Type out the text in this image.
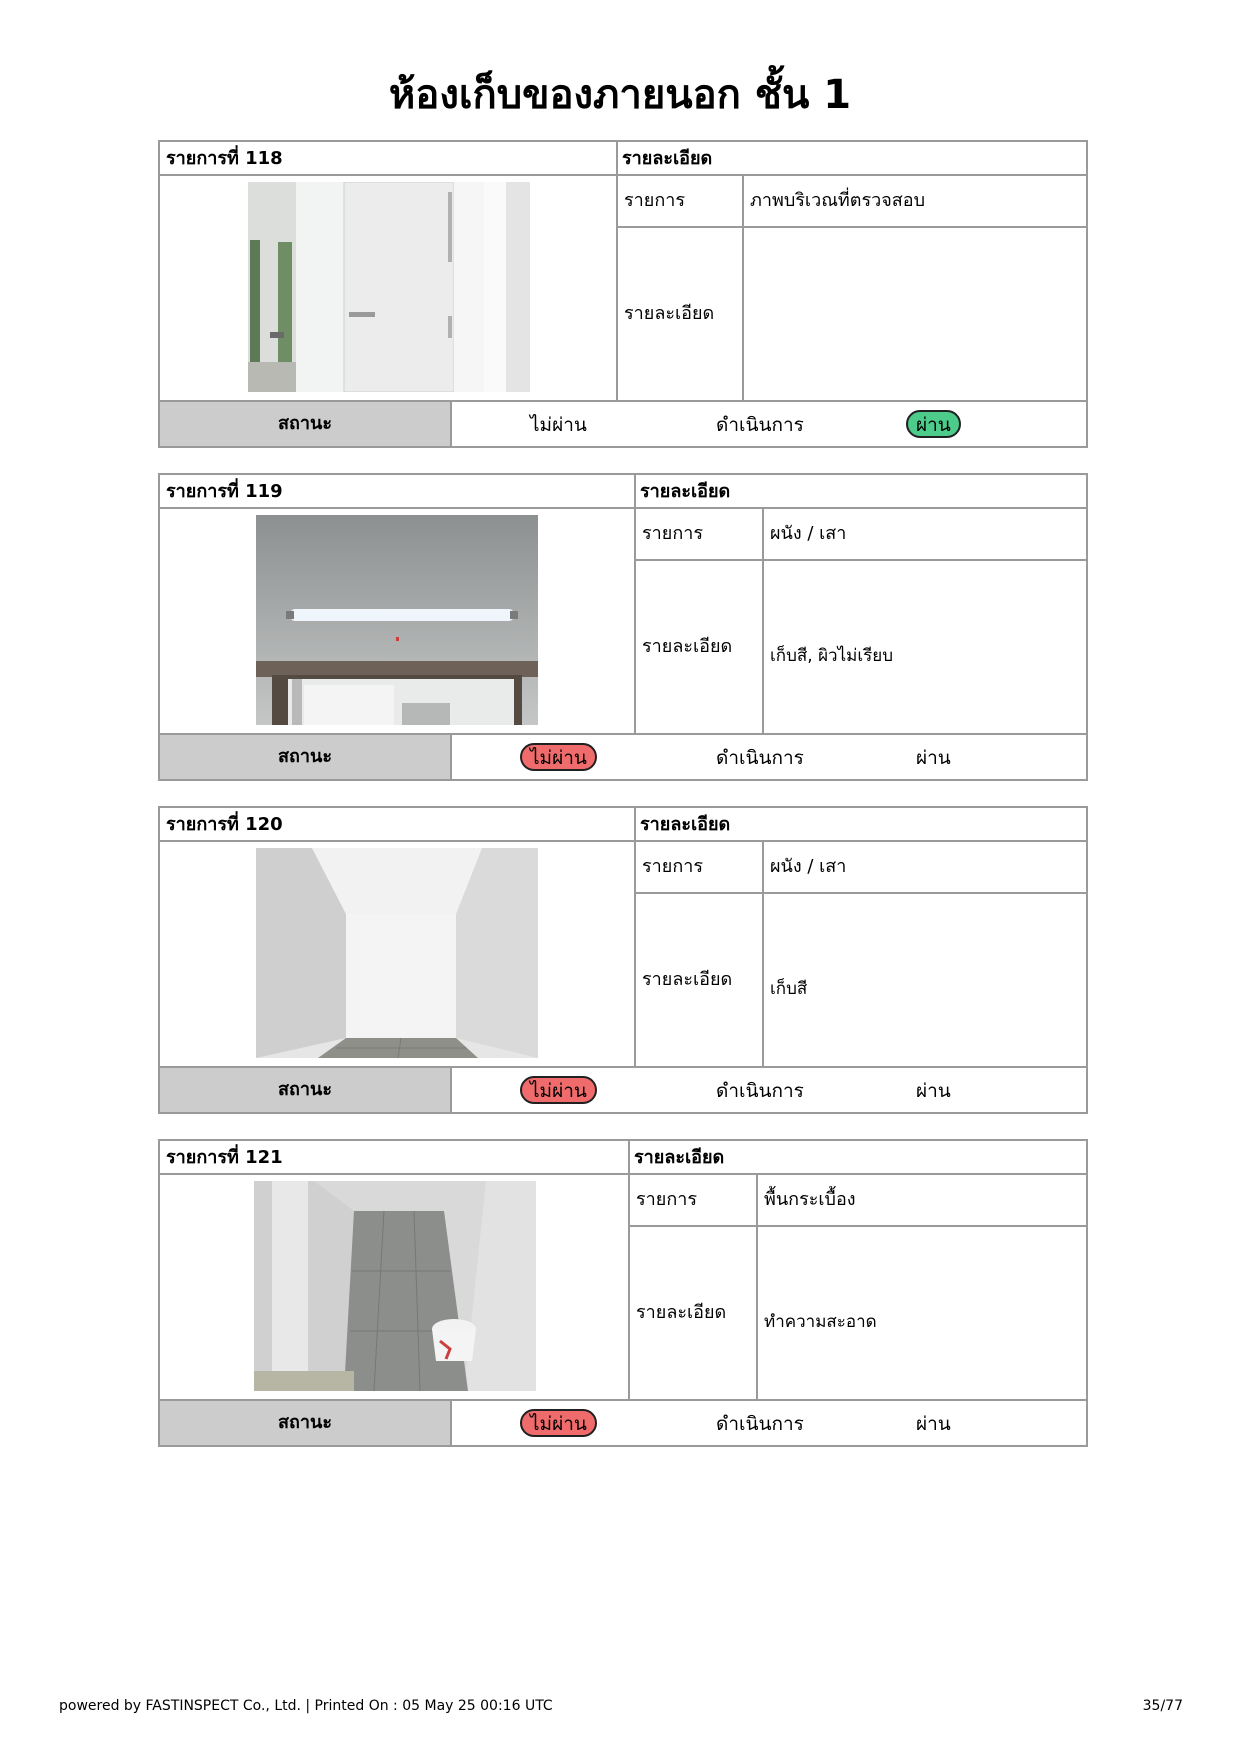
ห้องเก็บของภายนอก ชั้น 1
รายการที่ 118	รายละเอียด
รายการ	ภาพบริเวณที่ตรวจสอบ
รายละเอียด
สถานะ	ไม่ผ่าน	ดำเนินการ	ผ่าน
รายการที่ 119	รายละเอียด
รายการ	ผนัง / เสา
รายละเอียด	เก็บสี, ผิวไม่เรียบ
สถานะ	ไม่ผ่าน	ดำเนินการ	ผ่าน
รายการที่ 120	รายละเอียด
รายการ	ผนัง / เสา
รายละเอียด	เก็บสี
สถานะ	ไม่ผ่าน	ดำเนินการ	ผ่าน
รายการที่ 121	รายละเอียด
รายการ	พื้นกระเบื้อง
รายละเอียด	ทำความสะอาด
สถานะ	ไม่ผ่าน	ดำเนินการ	ผ่าน
powered by FASTINSPECT Co., Ltd. | Printed On : 05 May 25 00:16 UTC	35/77
